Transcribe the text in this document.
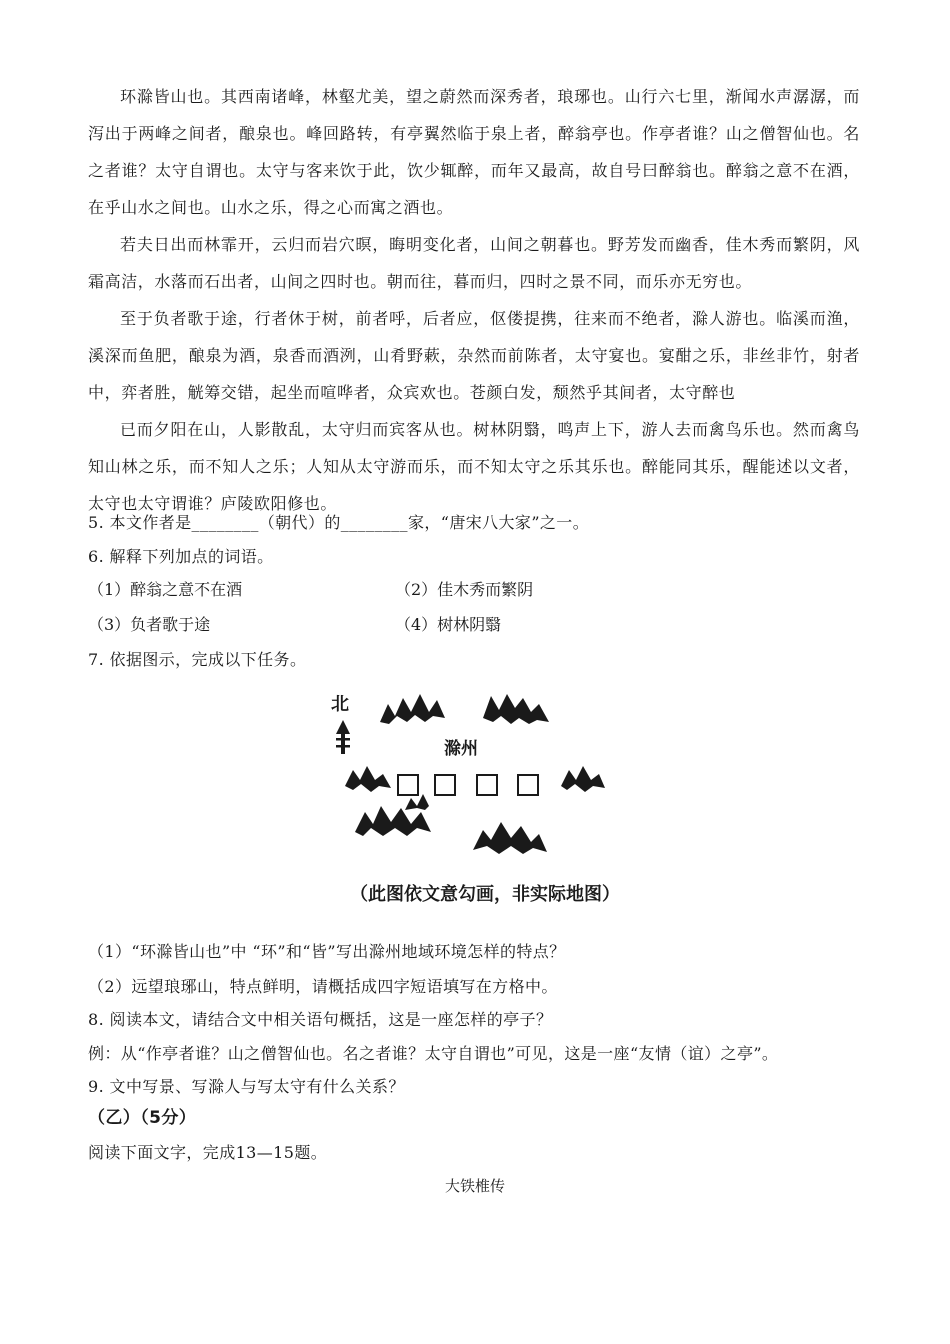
环滁皆山也。其西南诸峰，林壑尤美，望之蔚然而深秀者，琅琊也。山行六七里，渐闻水声潺潺，而泻出于两峰之间者，酿泉也。峰回路转，有亭翼然临于泉上者，醉翁亭也。作亭者谁？山之僧智仙也。名之者谁？太守自谓也。太守与客来饮于此，饮少辄醉，而年又最高，故自号曰醉翁也。醉翁之意不在酒，在乎山水之间也。山水之乐，得之心而寓之酒也。

若夫日出而林霏开，云归而岩穴暝，晦明变化者，山间之朝暮也。野芳发而幽香，佳木秀而繁阴，风霜高洁，水落而石出者，山间之四时也。朝而往，暮而归，四时之景不同，而乐亦无穷也。

至于负者歌于途，行者休于树，前者呼，后者应，伛偻提携，往来而不绝者，滁人游也。临溪而渔，溪深而鱼肥，酿泉为酒，泉香而酒洌，山肴野蔌，杂然而前陈者，太守宴也。宴酣之乐，非丝非竹，射者中，弈者胜，觥筹交错，起坐而喧哗者，众宾欢也。苍颜白发，颓然乎其间者，太守醉也

已而夕阳在山，人影散乱，太守归而宾客从也。树林阴翳，鸣声上下，游人去而禽鸟乐也。然而禽鸟知山林之乐，而不知人之乐；人知从太守游而乐，而不知太守之乐其乐也。醉能同其乐，醒能述以文者，太守也太守谓谁？庐陵欧阳修也。

5. 本文作者是________（朝代）的________家，“唐宋八大家”之一。
6. 解释下列加点的词语。
（1）醉翁之意不在酒	（2）佳木秀而繁阴
（3）负者歌于途	（4）树林阴翳
7. 依据图示，完成以下任务。
北
滁州
（此图依文意勾画，非实际地图）
（1）“环滁皆山也”中 “环”和“皆”写出滁州地域环境怎样的特点？
（2）远望琅琊山，特点鲜明，请概括成四字短语填写在方格中。
8. 阅读本文，请结合文中相关语句概括，这是一座怎样的亭子？
例：从“作亭者谁？山之僧智仙也。名之者谁？太守自谓也”可见，这是一座“友情（谊）之亭”。
9. 文中写景、写滁人与写太守有什么关系？
（乙）（5分）
阅读下面文字，完成13—15题。
大铁椎传
